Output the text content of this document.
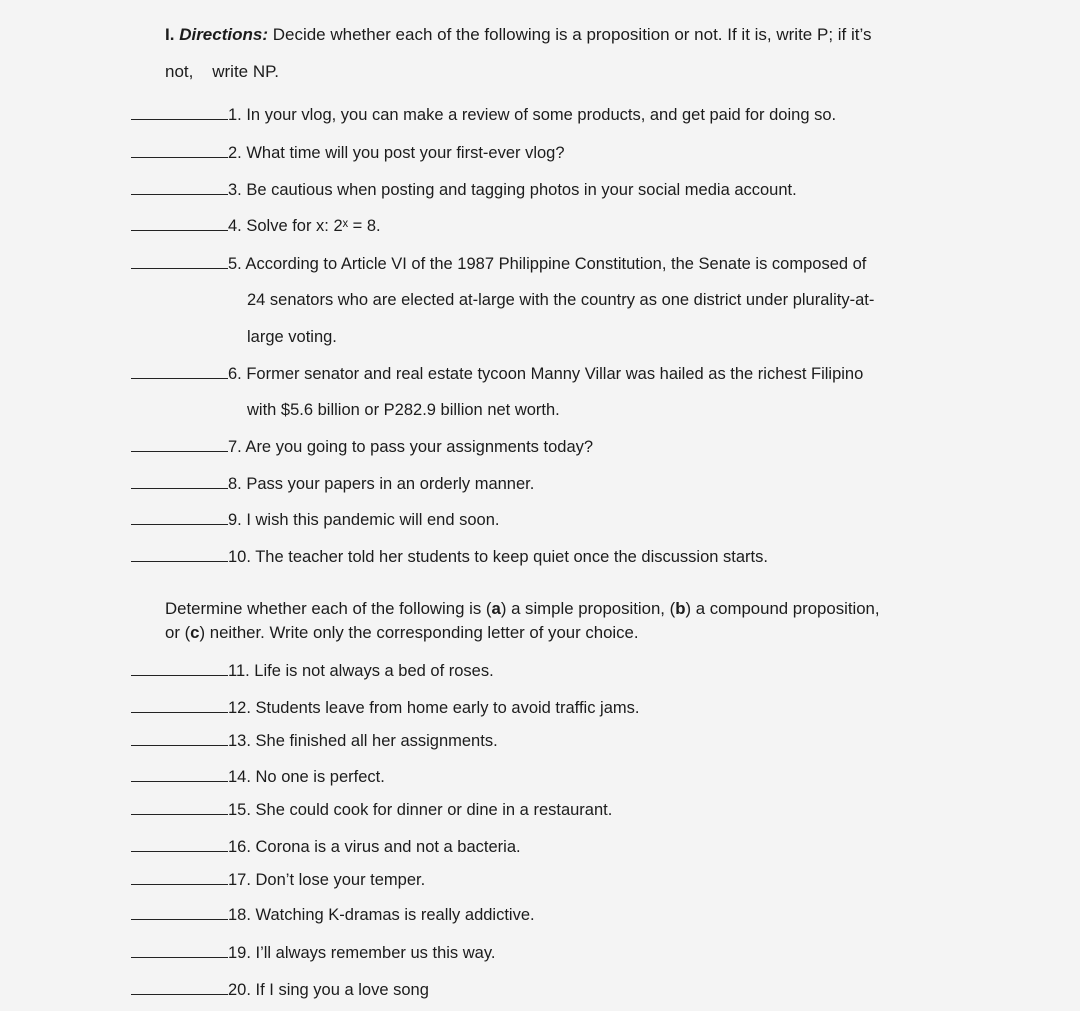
I. Directions: Decide whether each of the following is a proposition or not. If it is, write P; if it’s
not,    write NP.
1. In your vlog, you can make a review of some products, and get paid for doing so.
2. What time will you post your first-ever vlog?
3. Be cautious when posting and tagging photos in your social media account.
4. Solve for x: 2ˣ = 8.
5. According to Article VI of the 1987 Philippine Constitution, the Senate is composed of
24 senators who are elected at-large with the country as one district under plurality-at-
large voting.
6. Former senator and real estate tycoon Manny Villar was hailed as the richest Filipino
with $5.6 billion or P282.9 billion net worth.
7. Are you going to pass your assignments today?
8. Pass your papers in an orderly manner.
9. I wish this pandemic will end soon.
10. The teacher told her students to keep quiet once the discussion starts.
Determine whether each of the following is (a) a simple proposition, (b) a compound proposition,
or (c) neither. Write only the corresponding letter of your choice.
11. Life is not always a bed of roses.
12. Students leave from home early to avoid traffic jams.
13. She finished all her assignments.
14. No one is perfect.
15. She could cook for dinner or dine in a restaurant.
16. Corona is a virus and not a bacteria.
17. Don’t lose your temper.
18. Watching K-dramas is really addictive.
19. I’ll always remember us this way.
20. If I sing you a love song
